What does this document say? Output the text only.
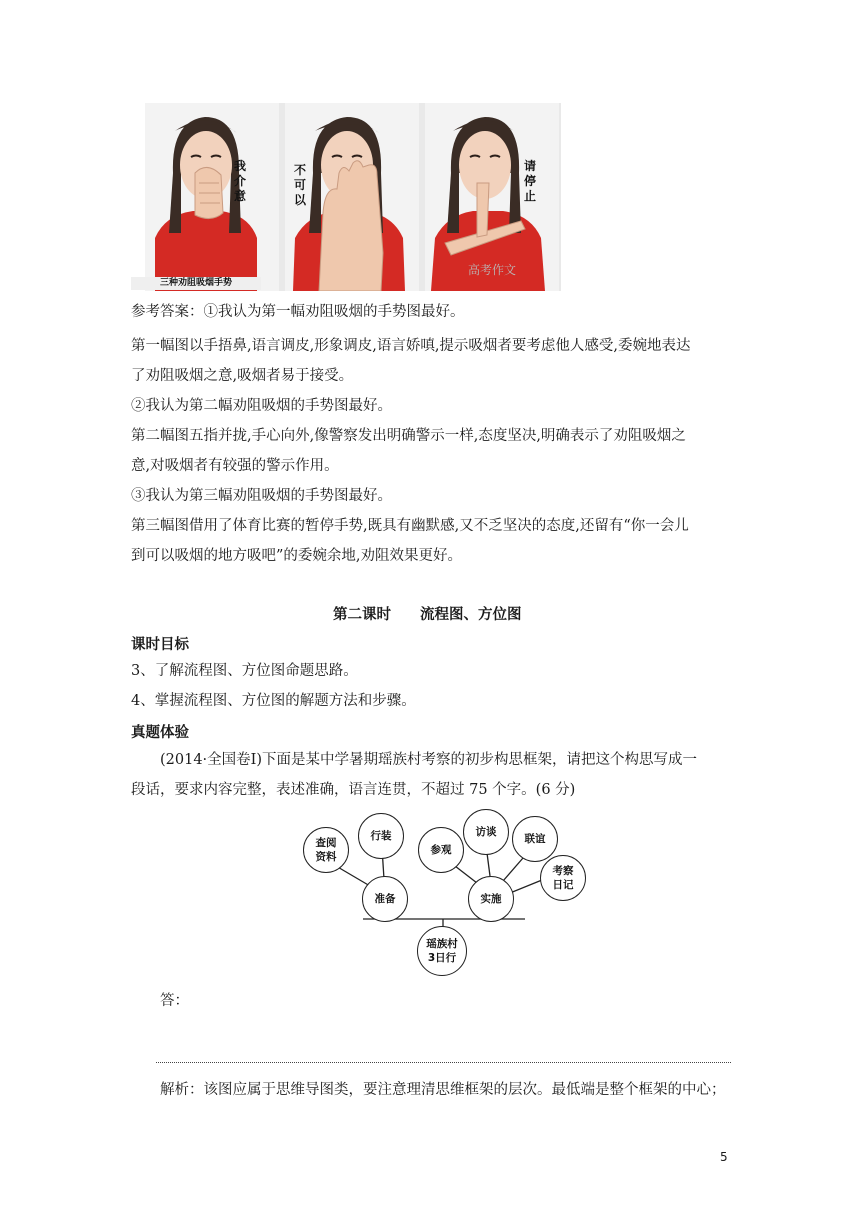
我介意
不可以
请停止
三种劝阻吸烟手势
高考作文
参考答案：①我认为第一幅劝阻吸烟的手势图最好。
第一幅图以手捂鼻,语言调皮,形象调皮,语言娇嗔,提示吸烟者要考虑他人感受,委婉地表达
了劝阻吸烟之意,吸烟者易于接受。
②我认为第二幅劝阻吸烟的手势图最好。
第二幅图五指并拢,手心向外,像警察发出明确警示一样,态度坚决,明确表示了劝阻吸烟之
意,对吸烟者有较强的警示作用。
③我认为第三幅劝阻吸烟的手势图最好。
第三幅图借用了体育比赛的暂停手势,既具有幽默感,又不乏坚决的态度,还留有“你一会儿
到可以吸烟的地方吸吧”的委婉余地,劝阻效果更好。
第二课时　　流程图、方位图
课时目标
3、了解流程图、方位图命题思路。
4、掌握流程图、方位图的解题方法和步骤。
真题体验
(2014·全国卷Ⅰ)下面是某中学暑期瑶族村考察的初步构思框架，请把这个构思写成一
段话，要求内容完整，表述准确，语言连贯，不超过 75 个字。(6 分)
瑶族村
3日行
准备	实施
查阅
资料
行装
参观
访谈
联谊
考察
日记
答：
解析：该图应属于思维导图类，要注意理清思维框架的层次。最低端是整个框架的中心；
5
